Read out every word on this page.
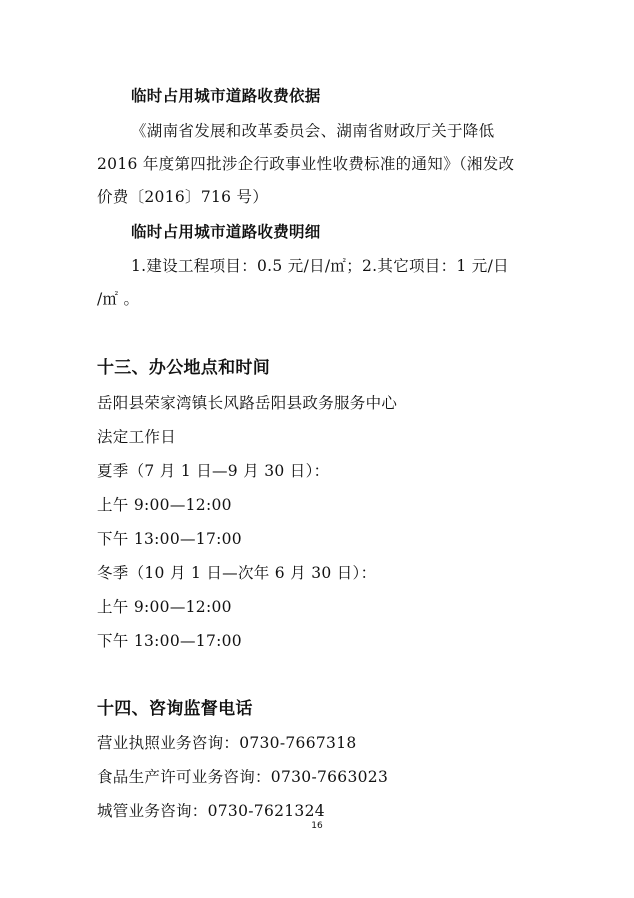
临时占用城市道路收费依据
《湖南省发展和改革委员会、湖南省财政厅关于降低
2016 年度第四批涉企行政事业性收费标准的通知》（湘发改
价费〔2016〕716 号）
临时占用城市道路收费明细
1.建设工程项目：0.5 元/日/㎡；2.其它项目：1 元/日
/㎡ 。
十三、办公地点和时间
岳阳县荣家湾镇长风路岳阳县政务服务中心
法定工作日
夏季（7 月 1 日—9 月 30 日）：
上午 9:00—12:00
下午 13:00—17:00
冬季（10 月 1 日—次年 6 月 30 日）：
上午 9:00—12:00
下午 13:00—17:00
十四、咨询监督电话
营业执照业务咨询：0730-7667318
食品生产许可业务咨询：0730-7663023
城管业务咨询：0730-7621324
16
